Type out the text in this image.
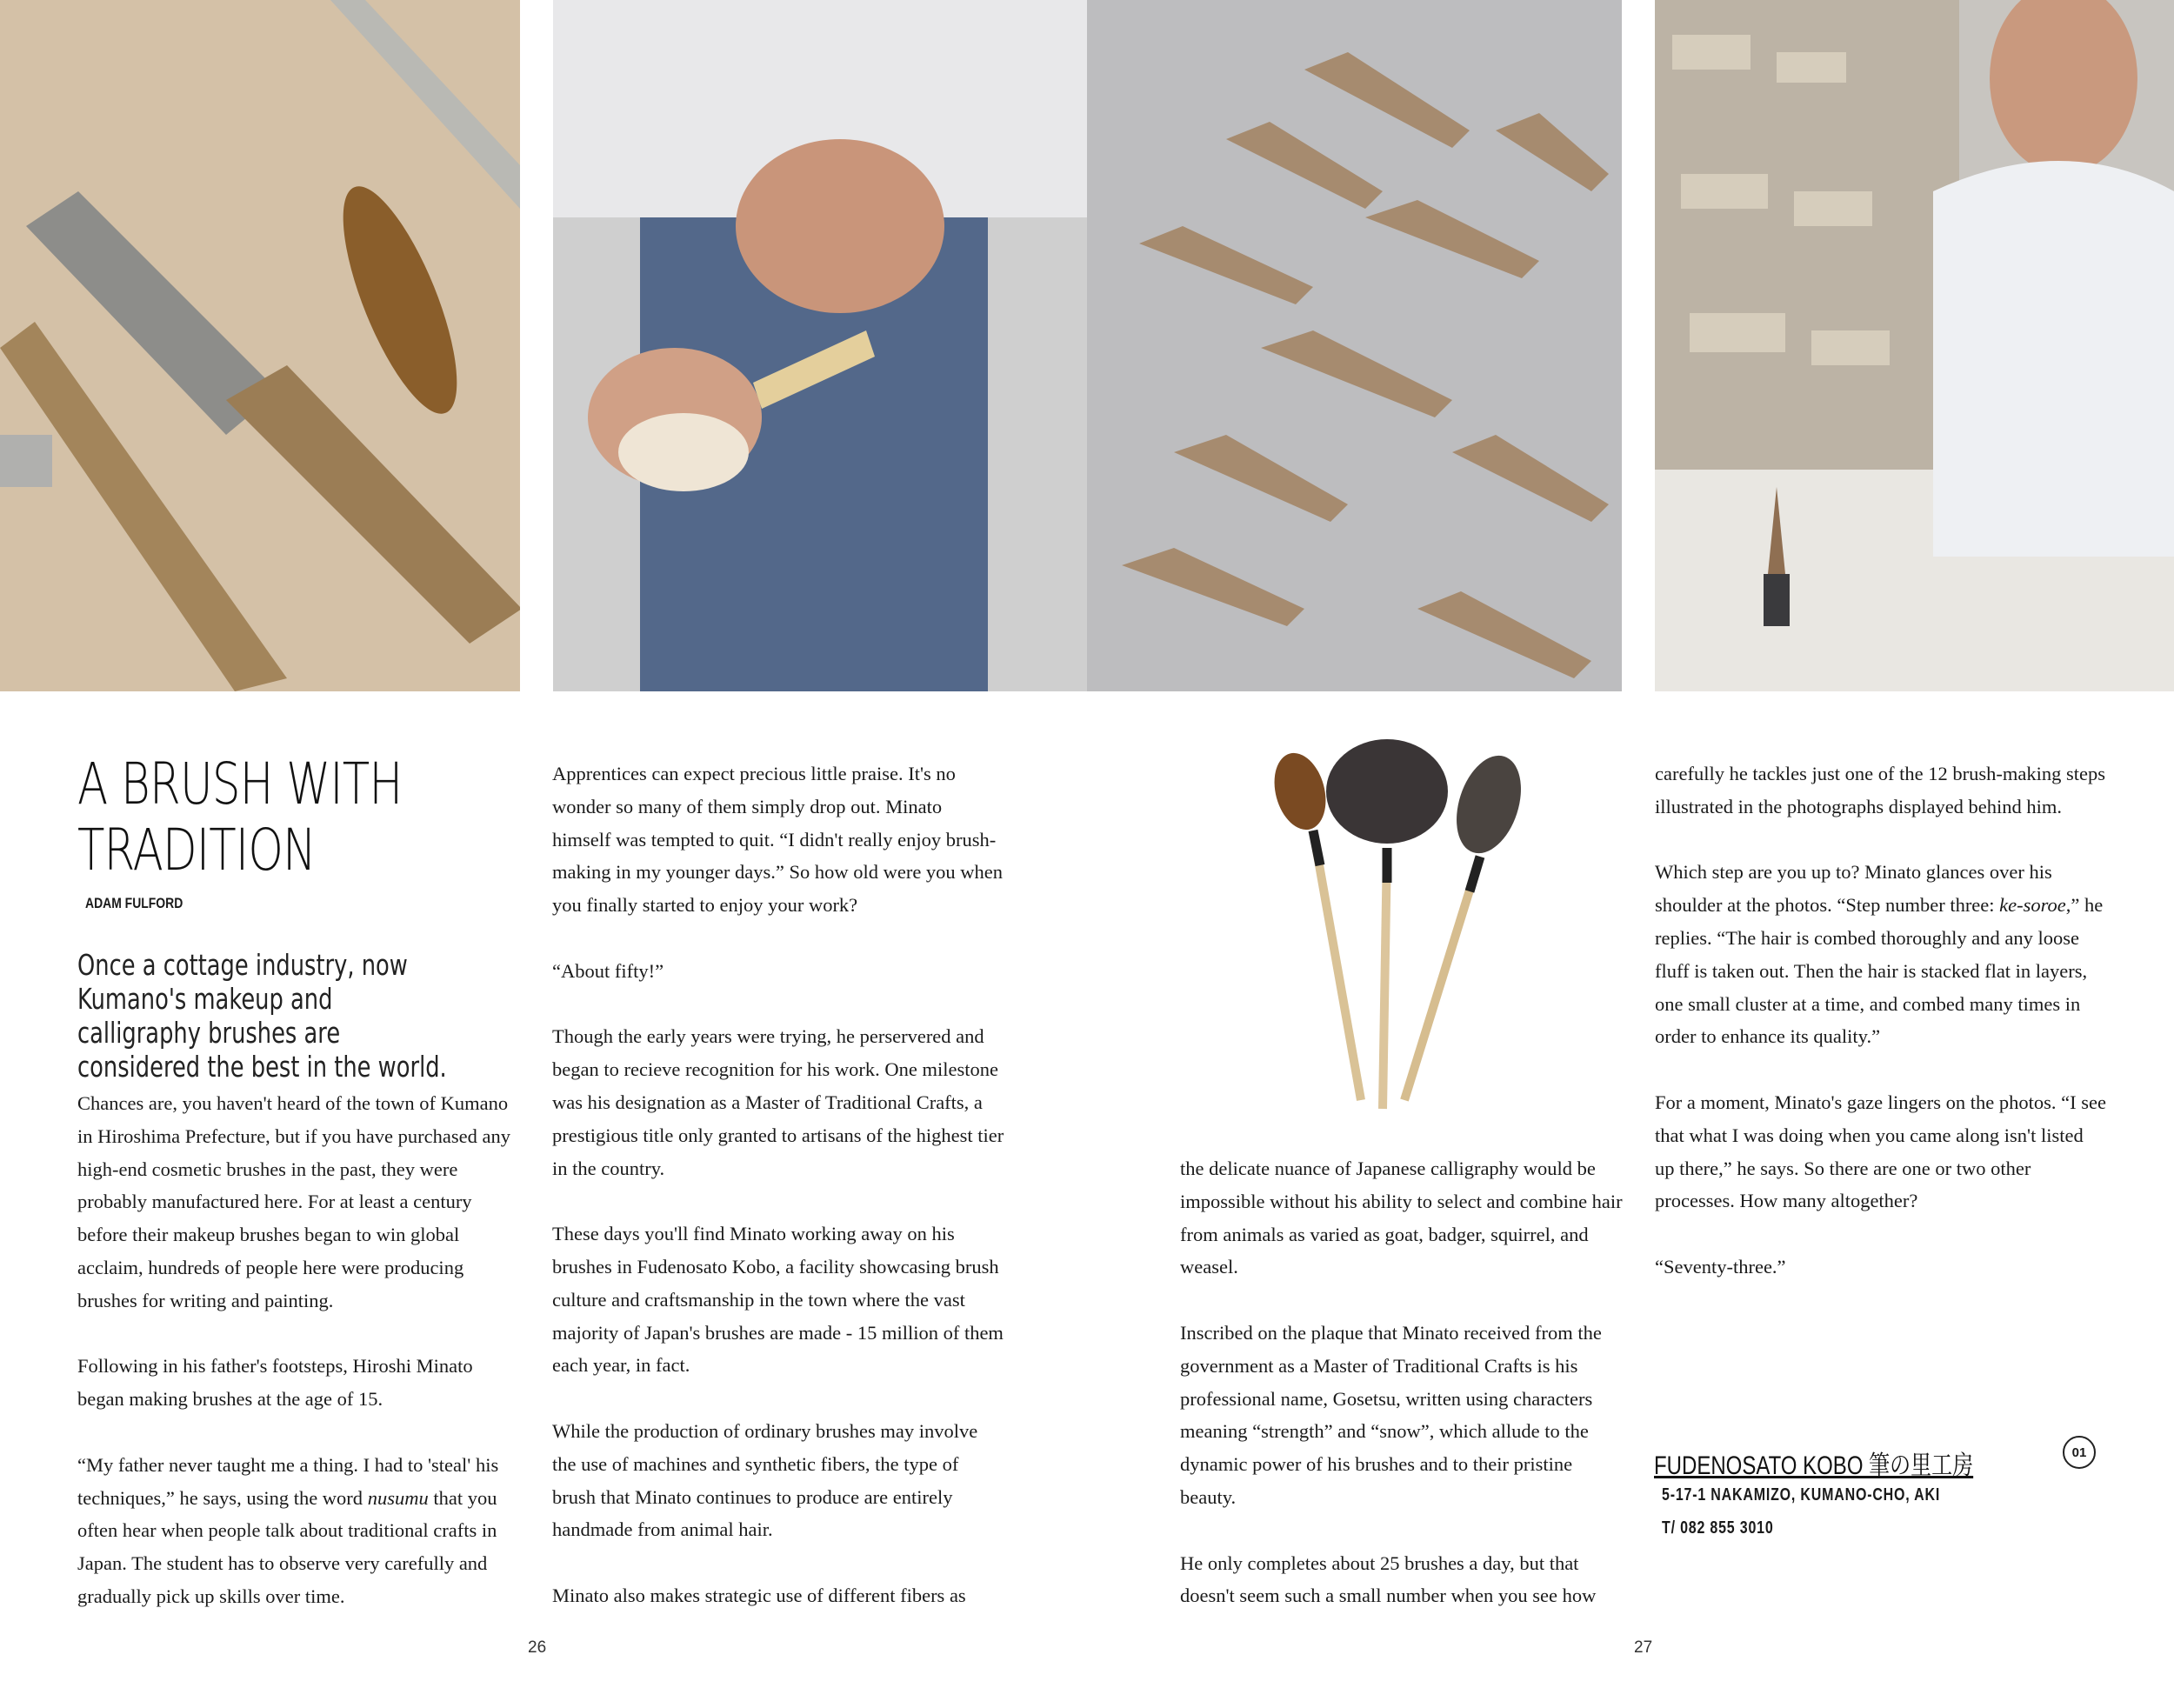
A BRUSH WITH
TRADITION
ADAM FULFORD
Once a cottage industry, now Kumano's makeup and calligraphy brushes are considered the best in the world.

Chances are, you haven't heard of the town of Kumano in Hiroshima Prefecture, but if you have purchased any high-end cosmetic brushes in the past, they were probably manufactured here. For at least a century before their makeup brushes began to win global acclaim, hundreds of people here were producing brushes for writing and painting.

Following in his father's footsteps, Hiroshi Minato began making brushes at the age of 15.

“My father never taught me a thing. I had to 'steal' his techniques,” he says, using the word nusumu that you often hear when people talk about traditional crafts in Japan. The student has to observe very carefully and gradually pick up skills over time.

Apprentices can expect precious little praise. It's no wonder so many of them simply drop out. Minato himself was tempted to quit. “I didn't really enjoy brush-making in my younger days.” So how old were you when you finally started to enjoy your work?

“About fifty!”

Though the early years were trying, he perservered and began to recieve recognition for his work. One milestone was his designation as a Master of Traditional Crafts, a prestigious title only granted to artisans of the highest tier in the country.

These days you'll find Minato working away on his brushes in Fudenosato Kobo, a facility showcasing brush culture and craftsmanship in the town where the vast majority of Japan's brushes are made - 15 million of them each year, in fact.

While the production of ordinary brushes may involve the use of machines and synthetic fibers, the type of brush that Minato continues to produce are entirely handmade from animal hair.

Minato also makes strategic use of different fibers as

the delicate nuance of Japanese calligraphy would be impossible without his ability to select and combine hair from animals as varied as goat, badger, squirrel, and weasel.

Inscribed on the plaque that Minato received from the government as a Master of Traditional Crafts is his professional name, Gosetsu, written using characters meaning “strength” and “snow”, which allude to the dynamic power of his brushes and to their pristine beauty.

He only completes about 25 brushes a day, but that doesn't seem such a small number when you see how

carefully he tackles just one of the 12 brush-making steps illustrated in the photographs displayed behind him.

Which step are you up to? Minato glances over his shoulder at the photos. “Step number three: ke-soroe,” he replies. “The hair is combed thoroughly and any loose fluff is taken out. Then the hair is stacked flat in layers, one small cluster at a time, and combed many times in order to enhance its quality.”

For a moment, Minato's gaze lingers on the photos. “I see that what I was doing when you came along isn't listed up there,” he says. So there are one or two other processes. How many altogether?

“Seventy-three.”

FUDENOSATO KOBO 筆の里工房	01
5-17-1 NAKAMIZO, KUMANO-CHO, AKI
T/ 082 855 3010
26	27
